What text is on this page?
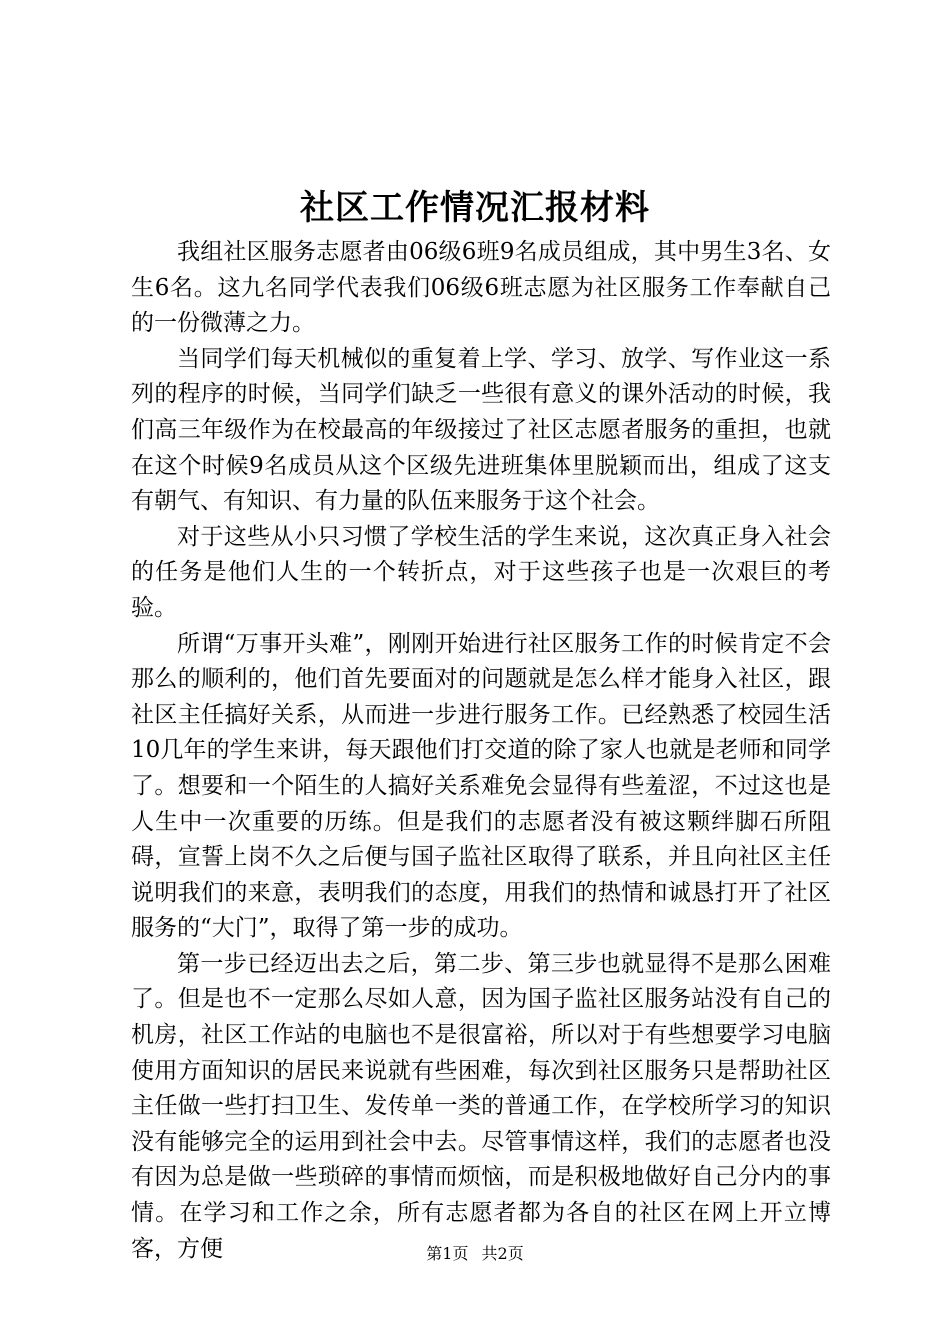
社区工作情况汇报材料

我组社区服务志愿者由06级6班9名成员组成，其中男生3名、女生6名。这九名同学代表我们06级6班志愿为社区服务工作奉献自己的一份微薄之力。

当同学们每天机械似的重复着上学、学习、放学、写作业这一系列的程序的时候，当同学们缺乏一些很有意义的课外活动的时候，我们高三年级作为在校最高的年级接过了社区志愿者服务的重担，也就在这个时候9名成员从这个区级先进班集体里脱颖而出，组成了这支有朝气、有知识、有力量的队伍来服务于这个社会。

对于这些从小只习惯了学校生活的学生来说，这次真正身入社会的任务是他们人生的一个转折点，对于这些孩子也是一次艰巨的考验。

所谓“万事开头难”，刚刚开始进行社区服务工作的时候肯定不会那么的顺利的，他们首先要面对的问题就是怎么样才能身入社区，跟社区主任搞好关系，从而进一步进行服务工作。已经熟悉了校园生活10几年的学生来讲，每天跟他们打交道的除了家人也就是老师和同学了。想要和一个陌生的人搞好关系难免会显得有些羞涩，不过这也是人生中一次重要的历练。但是我们的志愿者没有被这颗绊脚石所阻碍，宣誓上岗不久之后便与国子监社区取得了联系，并且向社区主任说明我们的来意，表明我们的态度，用我们的热情和诚恳打开了社区服务的“大门”，取得了第一步的成功。

第一步已经迈出去之后，第二步、第三步也就显得不是那么困难了。但是也不一定那么尽如人意，因为国子监社区服务站没有自己的机房，社区工作站的电脑也不是很富裕，所以对于有些想要学习电脑使用方面知识的居民来说就有些困难，每次到社区服务只是帮助社区主任做一些打扫卫生、发传单一类的普通工作，在学校所学习的知识没有能够完全的运用到社会中去。尽管事情这样，我们的志愿者也没有因为总是做一些琐碎的事情而烦恼，而是积极地做好自己分内的事情。在学习和工作之余，所有志愿者都为各自的社区在网上开立博客，方便	第1页 共2页
